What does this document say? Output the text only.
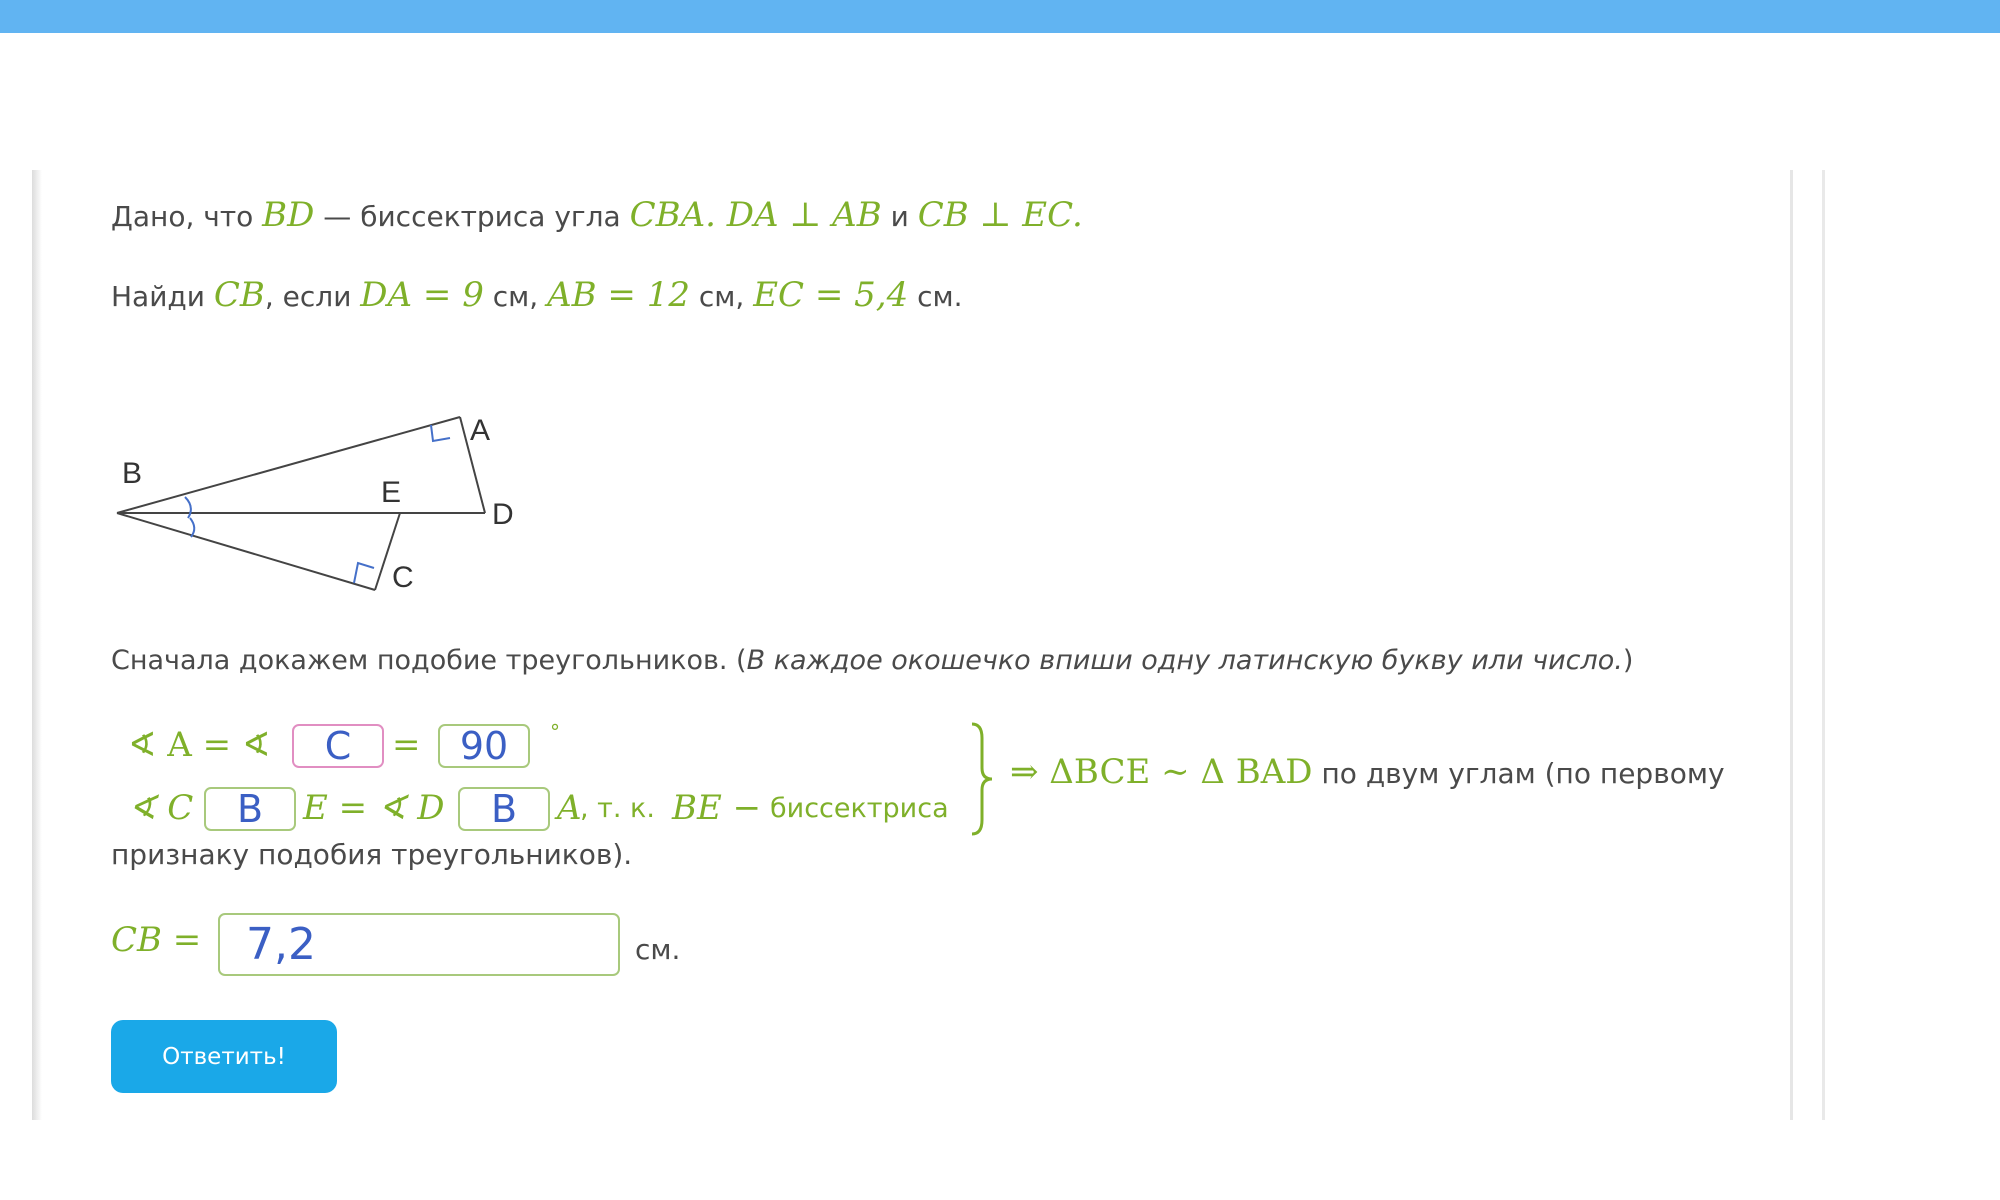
Дано, что BD — биссектриса угла CBA. DA ⊥ AB и CB ⊥ EC.
Найди CB, если DA = 9 см, AB = 12 см, EC = 5,4 см.
A
B
C
D
E
Сначала докажем подобие треугольников. (В каждое окошечко впиши одну латинскую букву или число.)
∢ A = ∢	C	=	90	°
∢ C	B	E = ∢ D	B	A
, т. к. BE − биссектриса
⇒ ΔBCE ∼ Δ BAD по двум углам (по первому
признаку подобия треугольников).
CB =
7,2	см.
Ответить!
